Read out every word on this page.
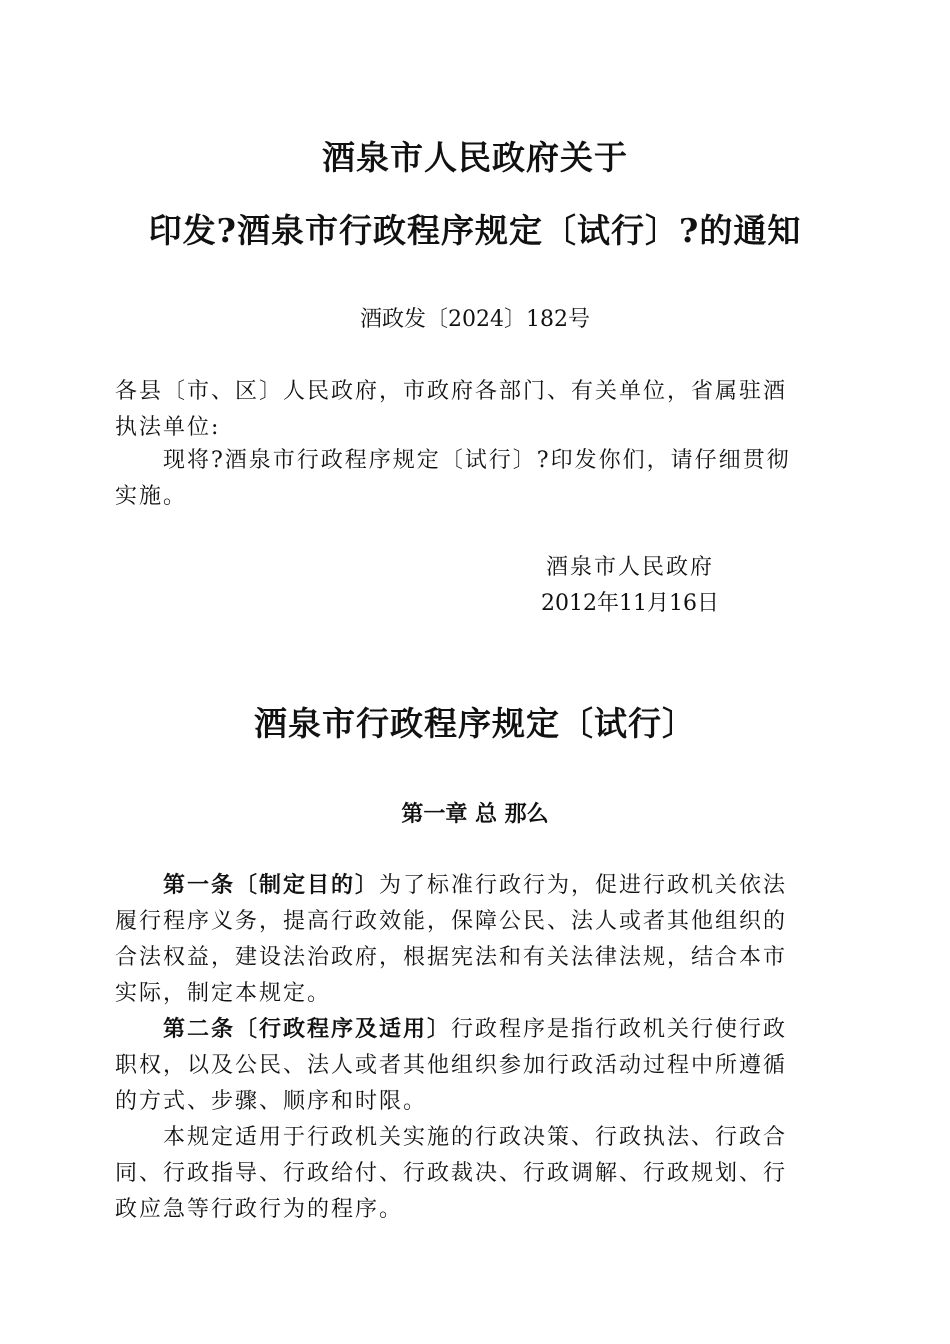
酒泉市人民政府关于
印发?酒泉市行政程序规定〔试行〕?的通知
酒政发〔2024〕182号
各县〔市、区〕人民政府，市政府各部门、有关单位，省属驻酒
执法单位:
现将?酒泉市行政程序规定〔试行〕?印发你们，请仔细贯彻
实施。
酒泉市人民政府
2012年11月16日
酒泉市行政程序规定〔试行〕
第一章 总 那么
第一条〔制定目的〕为了标准行政行为，促进行政机关依法
履行程序义务，提高行政效能，保障公民、法人或者其他组织的
合法权益，建设法治政府，根据宪法和有关法律法规，结合本市
实际，制定本规定。
第二条〔行政程序及适用〕行政程序是指行政机关行使行政
职权，以及公民、法人或者其他组织参加行政活动过程中所遵循
的方式、步骤、顺序和时限。
本规定适用于行政机关实施的行政决策、行政执法、行政合
同、行政指导、行政给付、行政裁决、行政调解、行政规划、行
政应急等行政行为的程序。
